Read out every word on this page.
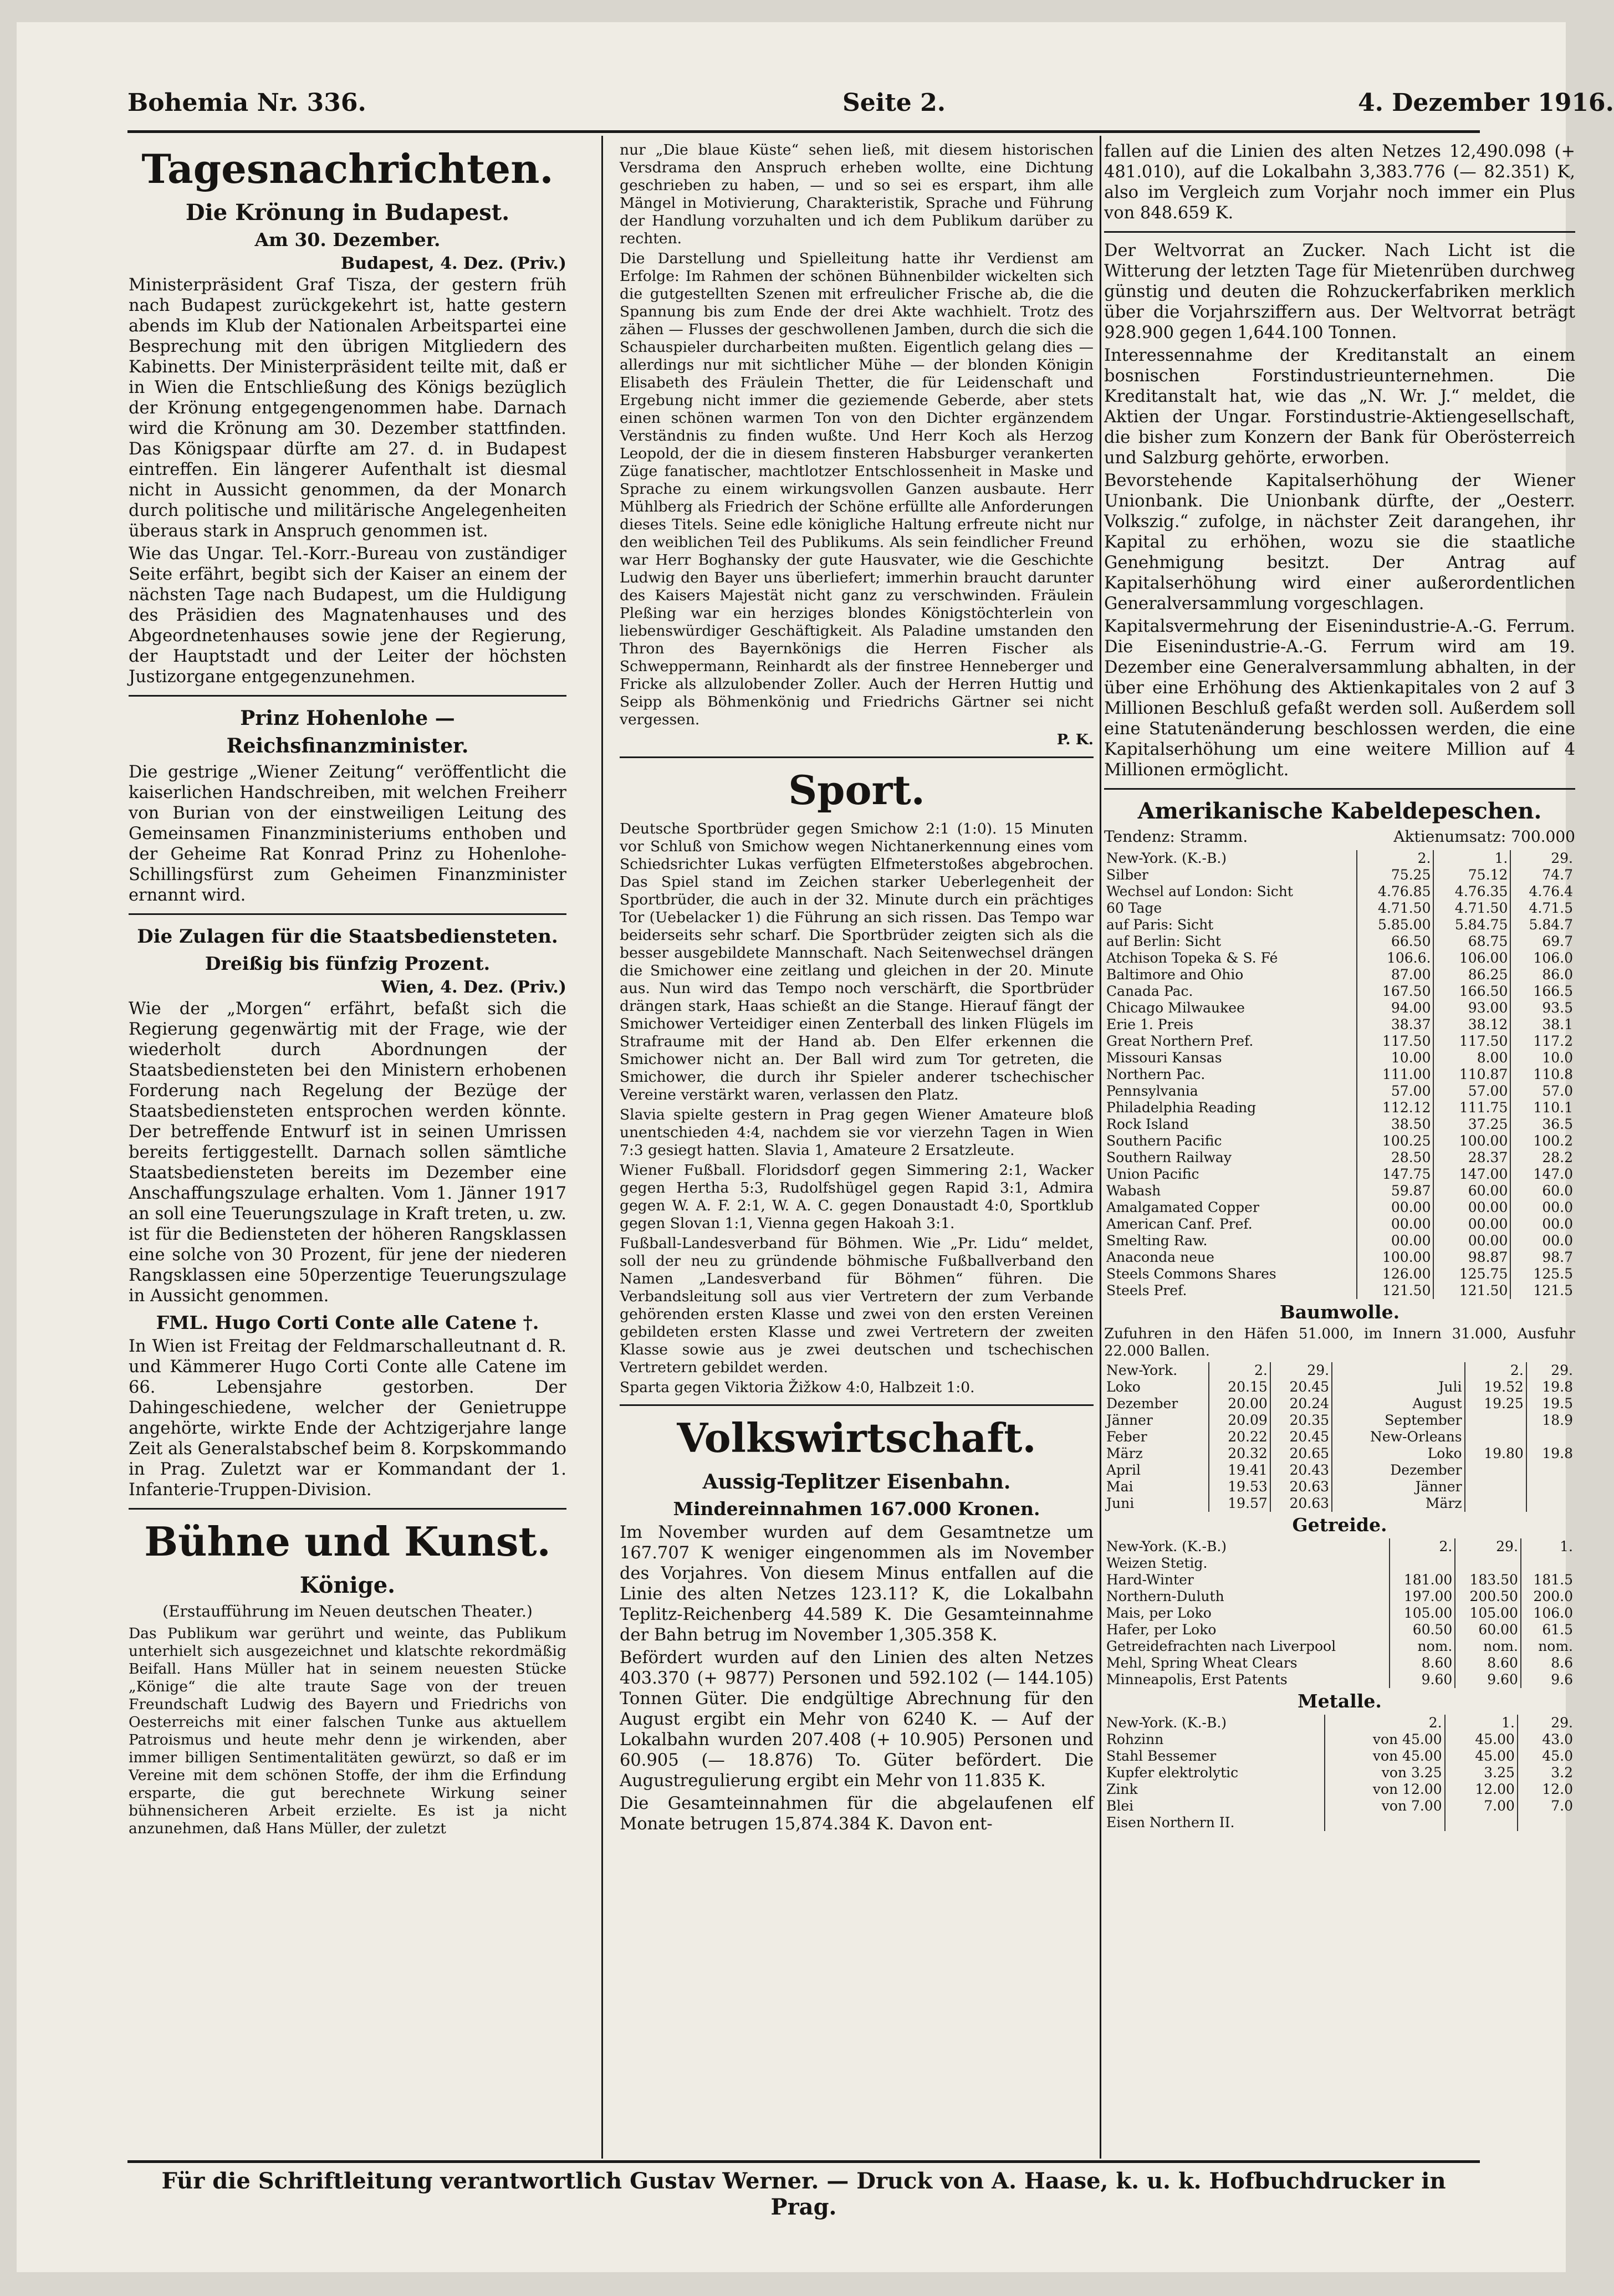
Bohemia Nr. 336.	Seite 2.	4. Dezember 1916.
Tagesnachrichten.
Die Krönung in Budapest.
Am 30. Dezember.
Budapest, 4. Dez. (Priv.)

Ministerpräsident Graf Tisza, der gestern früh nach Budapest zurückgekehrt ist, hatte gestern abends im Klub der Nationalen Arbeitspartei eine Besprechung mit den übrigen Mitgliedern des Kabinetts. Der Ministerpräsident teilte mit, daß er in Wien die Entschließung des Königs bezüglich der Krönung entgegengenommen habe. Darnach wird die Krönung am 30. Dezember stattfinden. Das Königspaar dürfte am 27. d. in Budapest eintreffen. Ein längerer Aufenthalt ist diesmal nicht in Aussicht genommen, da der Monarch durch politische und militärische Angelegenheiten überaus stark in Anspruch genommen ist.

Wie das Ungar. Tel.-Korr.-Bureau von zuständiger Seite erfährt, begibt sich der Kaiser an einem der nächsten Tage nach Budapest, um die Huldigung des Präsidien des Magnatenhauses und des Abgeordnetenhauses sowie jene der Regierung, der Hauptstadt und der Leiter der höchsten Justizorgane entgegenzunehmen.

Prinz Hohenlohe — Reichsfinanzminister.

Die gestrige „Wiener Zeitung“ veröffentlicht die kaiserlichen Handschreiben, mit welchen Freiherr von Burian von der einstweiligen Leitung des Gemeinsamen Finanzministeriums enthoben und der Geheime Rat Konrad Prinz zu Hohenlohe-Schillingsfürst zum Geheimen Finanzminister ernannt wird.

Die Zulagen für die Staatsbediensteten.
Dreißig bis fünfzig Prozent.
Wien, 4. Dez. (Priv.)

Wie der „Morgen“ erfährt, befaßt sich die Regierung gegenwärtig mit der Frage, wie der wiederholt durch Abordnungen der Staatsbediensteten bei den Ministern erhobenen Forderung nach Regelung der Bezüge der Staatsbediensteten entsprochen werden könnte. Der betreffende Entwurf ist in seinen Umrissen bereits fertiggestellt. Darnach sollen sämtliche Staatsbediensteten bereits im Dezember eine Anschaffungszulage erhalten. Vom 1. Jänner 1917 an soll eine Teuerungszulage in Kraft treten, u. zw. ist für die Bediensteten der höheren Rangsklassen eine solche von 30 Prozent, für jene der niederen Rangsklassen eine 50perzentige Teuerungszulage in Aussicht genommen.

FML. Hugo Corti Conte alle Catene †.

In Wien ist Freitag der Feldmarschalleutnant d. R. und Kämmerer Hugo Corti Conte alle Catene im 66. Lebensjahre gestorben. Der Dahingeschiedene, welcher der Genietruppe angehörte, wirkte Ende der Achtzigerjahre lange Zeit als Generalstabschef beim 8. Korpskommando in Prag. Zuletzt war er Kommandant der 1. Infanterie-Truppen-Division.

Bühne und Kunst.
Könige.
(Erstaufführung im Neuen deutschen Theater.)

Das Publikum war gerührt und weinte, das Publikum unterhielt sich ausgezeichnet und klatschte rekordmäßig Beifall. Hans Müller hat in seinem neuesten Stücke „Könige“ die alte traute Sage von der treuen Freundschaft Ludwig des Bayern und Friedrichs von Oesterreichs mit einer falschen Tunke aus aktuellem Patroismus und heute mehr denn je wirkenden, aber immer billigen Sentimentalitäten gewürzt, so daß er im Vereine mit dem schönen Stoffe, der ihm die Erfindung ersparte, die gut berechnete Wirkung seiner bühnensicheren Arbeit erzielte. Es ist ja nicht anzunehmen, daß Hans Müller, der zuletzt

nur „Die blaue Küste“ sehen ließ, mit diesem historischen Versdrama den Anspruch erheben wollte, eine Dichtung geschrieben zu haben, — und so sei es erspart, ihm alle Mängel in Motivierung, Charakteristik, Sprache und Führung der Handlung vorzuhalten und ich dem Publikum darüber zu rechten.

Die Darstellung und Spielleitung hatte ihr Verdienst am Erfolge: Im Rahmen der schönen Bühnenbilder wickelten sich die gutgestellten Szenen mit erfreulicher Frische ab, die die Spannung bis zum Ende der drei Akte wachhielt. Trotz des zähen — Flusses der geschwollenen Jamben, durch die sich die Schauspieler durcharbeiten mußten. Eigentlich gelang dies — allerdings nur mit sichtlicher Mühe — der blonden Königin Elisabeth des Fräulein Thetter, die für Leidenschaft und Ergebung nicht immer die geziemende Geberde, aber stets einen schönen warmen Ton von den Dichter ergänzendem Verständnis zu finden wußte. Und Herr Koch als Herzog Leopold, der die in diesem finsteren Habsburger verankerten Züge fanatischer, machtlotzer Entschlossenheit in Maske und Sprache zu einem wirkungsvollen Ganzen ausbaute. Herr Mühlberg als Friedrich der Schöne erfüllte alle Anforderungen dieses Titels. Seine edle königliche Haltung erfreute nicht nur den weiblichen Teil des Publikums. Als sein feindlicher Freund war Herr Boghansky der gute Hausvater, wie die Geschichte Ludwig den Bayer uns überliefert; immerhin braucht darunter des Kaisers Majestät nicht ganz zu verschwinden. Fräulein Pleßing war ein herziges blondes Königstöchterlein von liebenswürdiger Geschäftigkeit. Als Paladine umstanden den Thron des Bayernkönigs die Herren Fischer als Schweppermann, Reinhardt als der finstree Henneberger und Fricke als allzulobender Zoller. Auch der Herren Huttig und Seipp als Böhmenkönig und Friedrichs Gärtner sei nicht vergessen.

P. K.

Sport.

Deutsche Sportbrüder gegen Smichow 2:1 (1:0). 15 Minuten vor Schluß von Smichow wegen Nichtanerkennung eines vom Schiedsrichter Lukas verfügten Elfmeterstoßes abgebrochen. Das Spiel stand im Zeichen starker Ueberlegenheit der Sportbrüder, die auch in der 32. Minute durch ein prächtiges Tor (Uebelacker 1) die Führung an sich rissen. Das Tempo war beiderseits sehr scharf. Die Sportbrüder zeigten sich als die besser ausgebildete Mannschaft. Nach Seitenwechsel drängen die Smichower eine zeitlang und gleichen in der 20. Minute aus. Nun wird das Tempo noch verschärft, die Sportbrüder drängen stark, Haas schießt an die Stange. Hierauf fängt der Smichower Verteidiger einen Zenterball des linken Flügels im Strafraume mit der Hand ab. Den Elfer erkennen die Smichower nicht an. Der Ball wird zum Tor getreten, die Smichower, die durch ihr Spieler anderer tschechischer Vereine verstärkt waren, verlassen den Platz.

Slavia spielte gestern in Prag gegen Wiener Amateure bloß unentschieden 4:4, nachdem sie vor vierzehn Tagen in Wien 7:3 gesiegt hatten. Slavia 1, Amateure 2 Ersatzleute.

Wiener Fußball. Floridsdorf gegen Simmering 2:1, Wacker gegen Hertha 5:3, Rudolfshügel gegen Rapid 3:1, Admira gegen W. A. F. 2:1, W. A. C. gegen Donaustadt 4:0, Sportklub gegen Slovan 1:1, Vienna gegen Hakoah 3:1.

Fußball-Landesverband für Böhmen. Wie „Pr. Lidu“ meldet, soll der neu zu gründende böhmische Fußballverband den Namen „Landesverband für Böhmen“ führen. Die Verbandsleitung soll aus vier Vertretern der zum Verbande gehörenden ersten Klasse und zwei von den ersten Vereinen gebildeten ersten Klasse und zwei Vertretern der zweiten Klasse sowie aus je zwei deutschen und tschechischen Vertretern gebildet werden.

Sparta gegen Viktoria Žižkow 4:0, Halbzeit 1:0.

Volkswirtschaft.
Aussig-Teplitzer Eisenbahn.
Mindereinnahmen 167.000 Kronen.

Im November wurden auf dem Gesamtnetze um 167.707 K weniger eingenommen als im November des Vorjahres. Von diesem Minus entfallen auf die Linie des alten Netzes 123.11? K, die Lokalbahn Teplitz-Reichenberg 44.589 K. Die Gesamteinnahme der Bahn betrug im November 1,305.358 K.

Befördert wurden auf den Linien des alten Netzes 403.370 (+ 9877) Personen und 592.102 (— 144.105) Tonnen Güter. Die endgültige Abrechnung für den August ergibt ein Mehr von 6240 K. — Auf der Lokalbahn wurden 207.408 (+ 10.905) Personen und 60.905 (— 18.876) To. Güter befördert. Die Augustregulierung ergibt ein Mehr von 11.835 K.

Die Gesamteinnahmen für die abgelaufenen elf Monate betrugen 15,874.384 K. Davon ent-

fallen auf die Linien des alten Netzes 12,490.098 (+ 481.010), auf die Lokalbahn 3,383.776 (— 82.351) K, also im Vergleich zum Vorjahr noch immer ein Plus von 848.659 K.

Der Weltvorrat an Zucker. Nach Licht ist die Witterung der letzten Tage für Mietenrüben durchweg günstig und deuten die Rohzuckerfabriken merklich über die Vorjahrsziffern aus. Der Weltvorrat beträgt 928.900 gegen 1,644.100 Tonnen.

Interessennahme der Kreditanstalt an einem bosnischen Forstindustrieunternehmen. Die Kreditanstalt hat, wie das „N. Wr. J.“ meldet, die Aktien der Ungar. Forstindustrie-Aktiengesellschaft, die bisher zum Konzern der Bank für Oberösterreich und Salzburg gehörte, erworben.

Bevorstehende Kapitalserhöhung der Wiener Unionbank. Die Unionbank dürfte, der „Oesterr. Volkszig.“ zufolge, in nächster Zeit darangehen, ihr Kapital zu erhöhen, wozu sie die staatliche Genehmigung besitzt. Der Antrag auf Kapitalserhöhung wird einer außerordentlichen Generalversammlung vorgeschlagen.

Kapitalsvermehrung der Eisenindustrie-A.-G. Ferrum. Die Eisenindustrie-A.-G. Ferrum wird am 19. Dezember eine Generalversammlung abhalten, in der über eine Erhöhung des Aktienkapitales von 2 auf 3 Millionen Beschluß gefaßt werden soll. Außerdem soll eine Statutenänderung beschlossen werden, die eine Kapitalserhöhung um eine weitere Million auf 4 Millionen ermöglicht.

Amerikanische Kabeldepeschen.
Tendenz: Stramm.	Aktienumsatz: 700.000
New-York. (K.-B.)	2.	1.	29.
Silber	75.25	75.12	74.7
Wechsel auf London: Sicht	4.76.85	4.76.35	4.76.4
60 Tage	4.71.50	4.71.50	4.71.5
auf Paris: Sicht	5.85.00	5.84.75	5.84.7
auf Berlin: Sicht	66.50	68.75	69.7
Atchison Topeka & S. Fé	106.6.	106.00	106.0
Baltimore and Ohio	87.00	86.25	86.0
Canada Pac.	167.50	166.50	166.5
Chicago Milwaukee	94.00	93.00	93.5
Erie 1. Preis	38.37	38.12	38.1
Great Northern Pref.	117.50	117.50	117.2
Missouri Kansas	10.00	8.00	10.0
Northern Pac.	111.00	110.87	110.8
Pennsylvania	57.00	57.00	57.0
Philadelphia Reading	112.12	111.75	110.1
Rock Island	38.50	37.25	36.5
Southern Pacific	100.25	100.00	100.2
Southern Railway	28.50	28.37	28.2
Union Pacific	147.75	147.00	147.0
Wabash	59.87	60.00	60.0
Amalgamated Copper	00.00	00.00	00.0
American Canf. Pref.	00.00	00.00	00.0
Smelting Raw.	00.00	00.00	00.0
Anaconda neue	100.00	98.87	98.7
Steels Commons Shares	126.00	125.75	125.5
Steels Pref.	121.50	121.50	121.5
Baumwolle.

Zufuhren in den Häfen 51.000, im Innern 31.000, Ausfuhr 22.000 Ballen.

New-York.	2.	29.		2.	29.
Loko	20.15	20.45	Juli	19.52	19.8
Dezember	20.00	20.24	August	19.25	19.5
Jänner	20.09	20.35	September		18.9
Feber	20.22	20.45	New-Orleans		
März	20.32	20.65	Loko	19.80	19.8
April	19.41	20.43	Dezember		
Mai	19.53	20.63	Jänner		
Juni	19.57	20.63	März		
Getreide.
New-York. (K.-B.)	2.	29.	1.
Weizen Stetig.			
Hard-Winter	181.00	183.50	181.5
Northern-Duluth	197.00	200.50	200.0
Mais, per Loko	105.00	105.00	106.0
Hafer, per Loko	60.50	60.00	61.5
Getreidefrachten nach Liverpool	nom.	nom.	nom.
Mehl, Spring Wheat Clears	8.60	8.60	8.6
Minneapolis, Erst Patents	9.60	9.60	9.6
Metalle.
New-York. (K.-B.)	2.	1.	29.
Rohzinn	von 45.00	45.00	43.0
Stahl Bessemer	von 45.00	45.00	45.0
Kupfer elektrolytic	von 3.25	3.25	3.2
Zink	von 12.00	12.00	12.0
Blei	von 7.00	7.00	7.0
Eisen Northern II.			
Für die Schriftleitung verantwortlich Gustav Werner. — Druck von A. Haase, k. u. k. Hofbuchdrucker in Prag.
